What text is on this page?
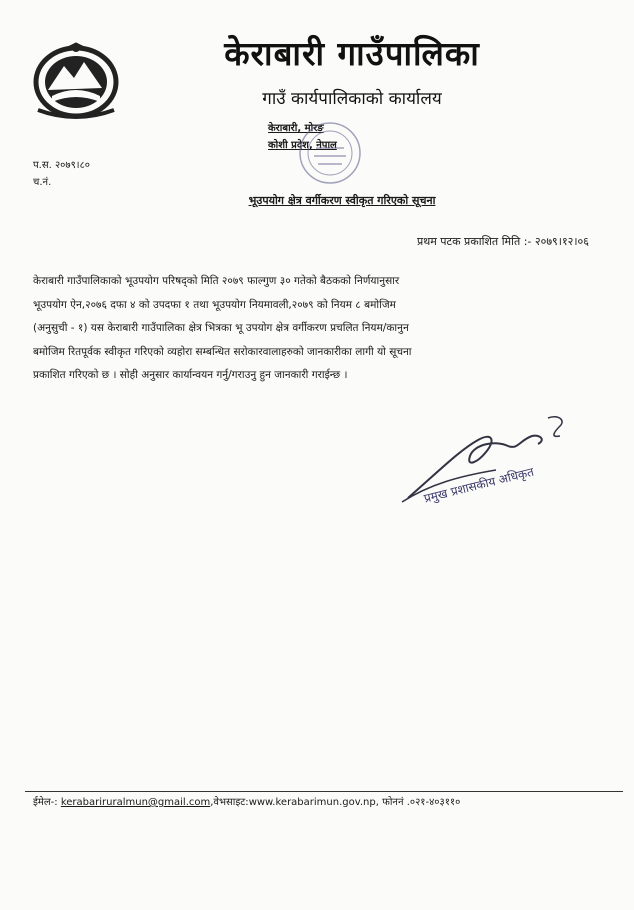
केराबारी गाउँपालिका
गाउँ कार्यपालिकाको कार्यालय
केराबारी, मोरङ
कोशी प्रदेश, नेपाल
प.स. २०७९।८०
च.नं.
भूउपयोग क्षेत्र वर्गीकरण स्वीकृत गरिएको सूचना
प्रथम पटक प्रकाशित मिति :- २०७९।१२।०६
केराबारी गाउँपालिकाको भूउपयोग परिषद्को मिति २०७९ फाल्गुण ३० गतेको बैठकको निर्णयानुसार
भूउपयोग ऐन,२०७६ दफा ४ को उपदफा १ तथा भूउपयोग नियमावली,२०७९ को नियम ८ बमोजिम
(अनुसुची - १) यस केराबारी गाउँपालिका क्षेत्र भित्रका भू उपयोग क्षेत्र वर्गीकरण प्रचलित नियम/कानुन
बमोजिम रितपूर्वक स्वीकृत गरिएको व्यहोरा सम्बन्धित सरोकारवालाहरुको जानकारीका लागी यो सूचना
प्रकाशित गरिएको छ । सोही अनुसार कार्यान्वयन गर्नु/गराउनु हुन जानकारी गराईन्छ ।
प्रमुख प्रशासकीय अधिकृत
ईमेल-: kerabariruralmun@gmail.com,वेभसाइट:www.kerabarimun.gov.np, फोननं .०२१-४०३११०
